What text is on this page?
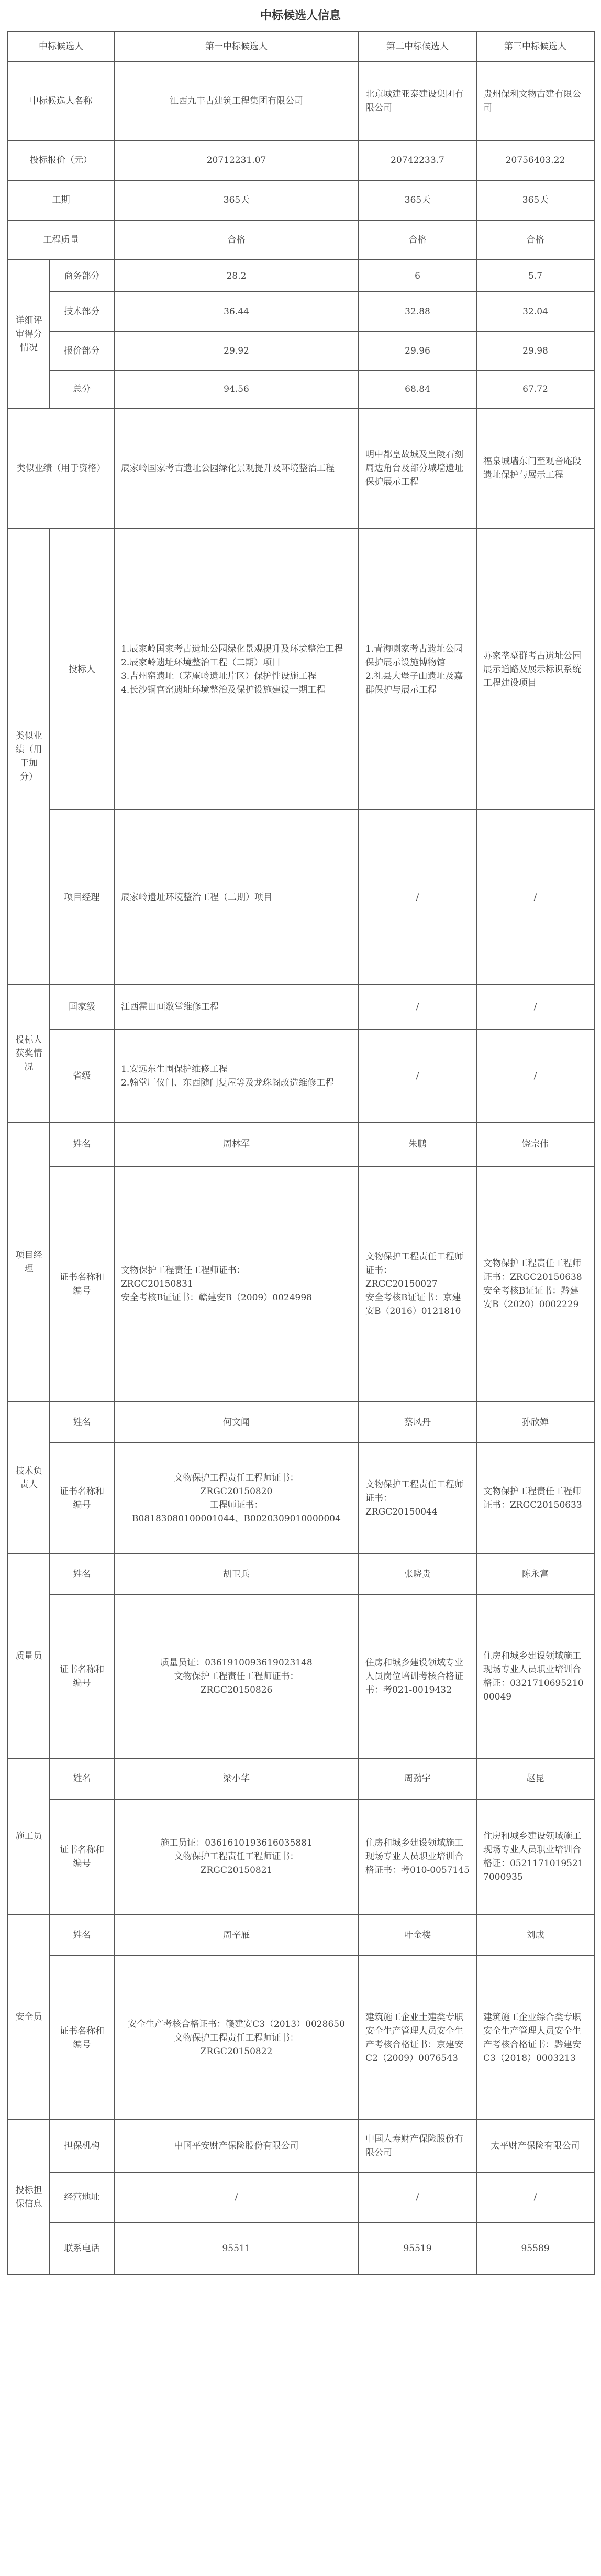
中标候选人信息
中标候选人		第一中标候选人	第二中标候选人	第三中标候选人
中标候选人名称		江西九丰古建筑工程集团有限公司	北京城建亚泰建设集团有限公司	贵州保利文物古建有限公司
投标报价（元）		20712231.07	20742233.7	20756403.22
工期		365天	365天	365天
工程质量		合格	合格	合格
详细评审得分情况	商务部分	28.2	6	5.7
	技术部分	36.44	32.88	32.04
	报价部分	29.92	29.96	29.98
	总分	94.56	68.84	67.72
类似业绩（用于资格）		辰家岭国家考古遗址公园绿化景观提升及环境整治工程	明中都皇故城及皇陵石刻周边角台及部分城墙遗址保护展示工程	福泉城墙东门至观音庵段遗址保护与展示工程
类似业绩（用于加分）	投标人	1.辰家岭国家考古遗址公园绿化景观提升及环境整治工程
2.辰家岭遗址环境整治工程（二期）项目
3.吉州窑遗址（茅庵岭遗址片区）保护性设施工程
4.长沙铜官窑遗址环境整治及保护设施建设一期工程	1.青海喇家考古遗址公园保护展示设施博物馆
2.礼县大堡子山遗址及嘉群保护与展示工程	苏家垄墓群考古遗址公园展示道路及展示标识系统工程建设项目
	项目经理	辰家岭遗址环境整治工程（二期）项目	/	/
投标人获奖情况	国家级	江西霍田画数堂维修工程	/	/
	省级	1.安远东生围保护维修工程
2.翰堂厂仪门、东西随门复屋等及龙珠阁改造维修工程	/	/
项目经理	姓名	周林军	朱鹏	饶宗伟
	证书名称和编号	文物保护工程责任工程师证书：
ZRGC20150831
安全考核B证证书：赣建安B（2009）0024998	文物保护工程责任工程师证书：
ZRGC20150027
安全考核B证证书：京建安B（2016）0121810	文物保护工程责任工程师证书：ZRGC20150638
安全考核B证证书：黔建安B（2020）0002229

技术负责人	姓名	何文闻	蔡风丹	孙欣婵
	证书名称和编号	文物保护工程责任工程师证书：
ZRGC20150820
工程师证书：
B08183080100001044、B0020309010000004	文物保护工程责任工程师证书：
ZRGC20150044	文物保护工程责任工程师证书：ZRGC20150633

质量员	姓名	胡卫兵	张晓贵	陈永富
	证书名称和编号	质量员证：0361910093619023148
文物保护工程责任工程师证书：
ZRGC20150826	住房和城乡建设领域专业人员岗位培训考核合格证书：考021-0019432	住房和城乡建设领域施工现场专业人员职业培训合格证：032171069521000049

施工员	姓名	梁小华	周劲宇	赵昆
	证书名称和编号	施工员证：0361610193616035881
文物保护工程责任工程师证书：
ZRGC20150821	住房和城乡建设领域施工现场专业人员职业培训合格证书：考010-0057145	住房和城乡建设领域施工现场专业人员职业培训合格证：05211710195217000935

安全员	姓名	周辛雁	叶金楼	刘成
	证书名称和编号	安全生产考核合格证书：赣建安C3（2013）0028650
文物保护工程责任工程师证书：
ZRGC20150822	建筑施工企业土建类专职安全生产管理人员安全生产考核合格证书：京建安C2（2009）0076543	建筑施工企业综合类专职安全生产管理人员安全生产考核合格证书：黔建安C3（2018）0003213

投标担保信息	担保机构	中国平安财产保险股份有限公司	中国人寿财产保险股份有限公司	太平财产保险有限公司
	经营地址	/	/	/
	联系电话	95511	95519	95589
